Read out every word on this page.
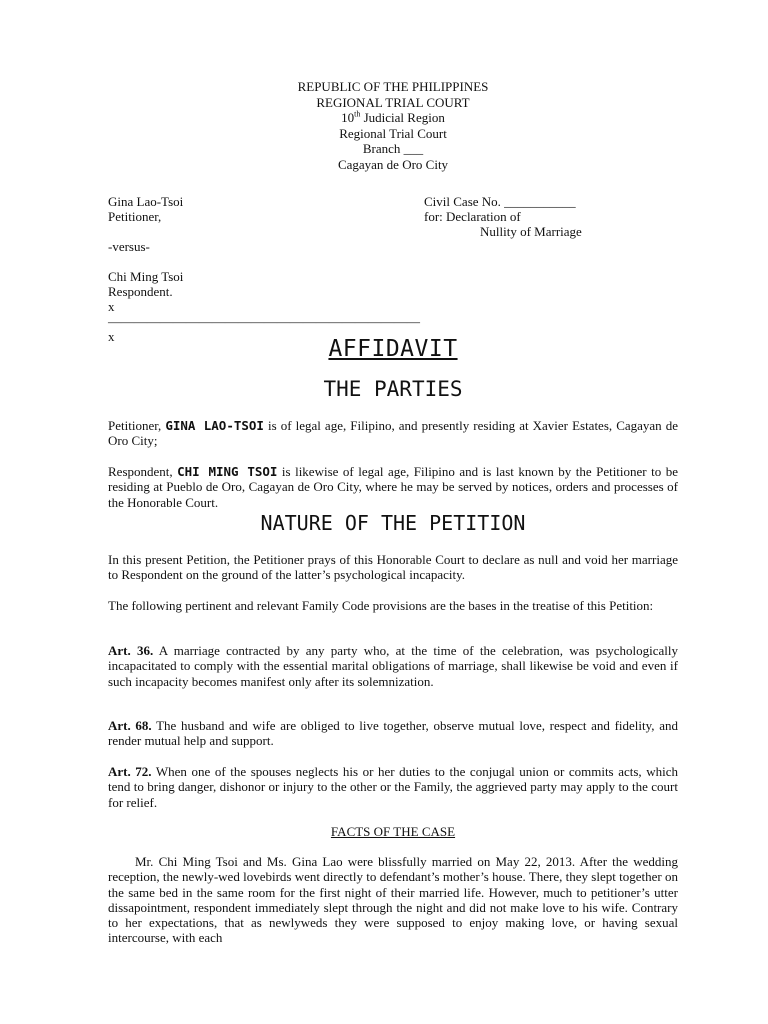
REPUBLIC OF THE PHILIPPINES
REGIONAL TRIAL COURT
10th Judicial Region
Regional Trial Court
Branch ___
Cagayan de Oro City
Gina Lao-Tsoi
Petitioner,
-versus-
Chi Ming Tsoi
Respondent.
x————————————————————————x
Civil Case No. ___________
for: Declaration of
Nullity of Marriage
AFFIDAVIT
THE PARTIES
Petitioner, GINA LAO-TSOI is of legal age, Filipino, and presently residing at Xavier Estates, Cagayan de Oro City;
Respondent, CHI MING TSOI is likewise of legal age, Filipino and is last known by the Petitioner to be residing at Pueblo de Oro, Cagayan de Oro City, where he may be served by notices, orders and processes of the Honorable Court.
NATURE OF THE PETITION
In this present Petition, the Petitioner prays of this Honorable Court to declare as null and void her marriage to Respondent on the ground of the latter’s psychological incapacity.
The following pertinent and relevant Family Code provisions are the bases in the treatise of this Petition:
Art. 36. A marriage contracted by any party who, at the time of the celebration, was psychologically incapacitated to comply with the essential marital obligations of marriage, shall likewise be void and even if such incapacity becomes manifest only after its solemnization.
Art. 68. The husband and wife are obliged to live together, observe mutual love, respect and fidelity, and render mutual help and support.
Art. 72. When one of the spouses neglects his or her duties to the conjugal union or commits acts, which tend to bring danger, dishonor or injury to the other or the Family, the aggrieved party may apply to the court for relief.
FACTS OF THE CASE
Mr. Chi Ming Tsoi and Ms. Gina Lao were blissfully married on May 22, 2013. After the wedding reception, the newly-wed lovebirds went directly to defendant’s mother’s house. There, they slept together on the same bed in the same room for the first night of their married life. However, much to petitioner’s utter dissapointment, respondent immediately slept through the night and did not make love to his wife. Contrary to her expectations, that as newlyweds they were supposed to enjoy making love, or having sexual intercourse, with each
